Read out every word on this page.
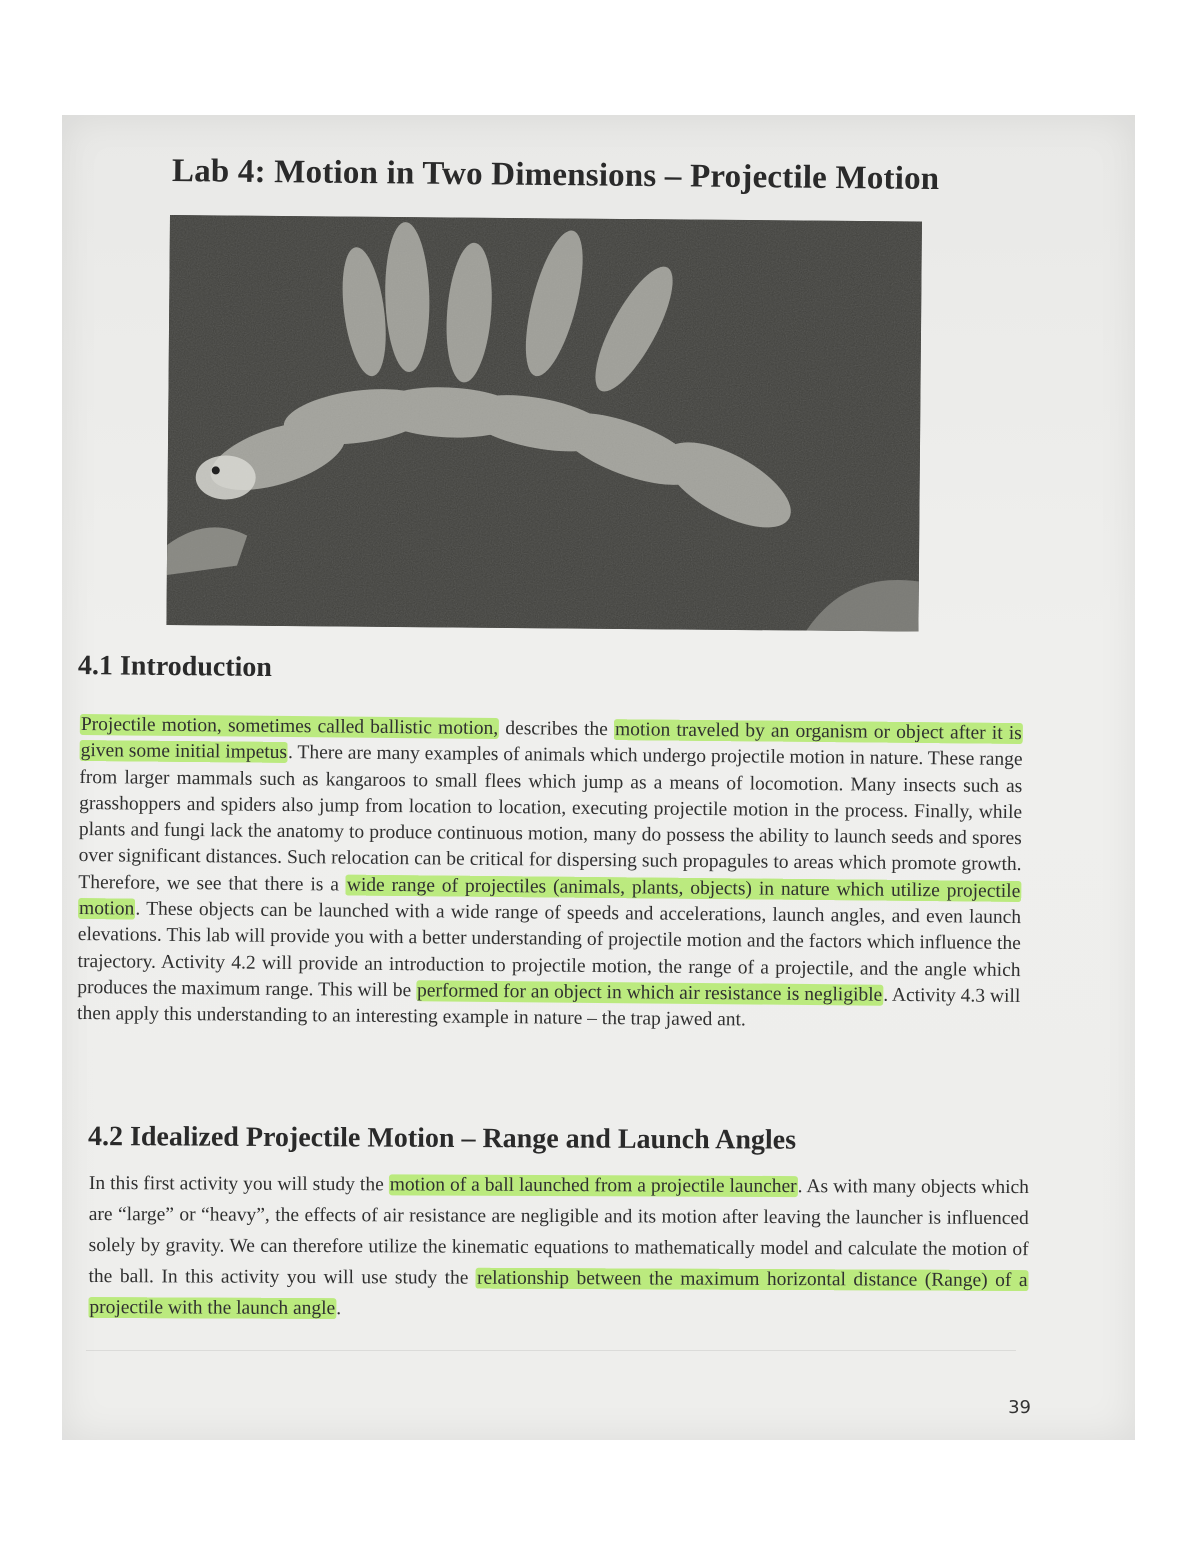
Lab 4: Motion in Two Dimensions – Projectile Motion
4.1 Introduction

Projectile motion, sometimes called ballistic motion, describes the motion traveled by an organism or object after it is given some initial impetus. There are many examples of animals which undergo projectile motion in nature. These range from larger mammals such as kangaroos to small flees which jump as a means of locomotion. Many insects such as grasshoppers and spiders also jump from location to location, executing projectile motion in the process. Finally, while plants and fungi lack the anatomy to produce continuous motion, many do possess the ability to launch seeds and spores over significant distances. Such relocation can be critical for dispersing such propagules to areas which promote growth. Therefore, we see that there is a wide range of projectiles (animals, plants, objects) in nature which utilize projectile motion. These objects can be launched with a wide range of speeds and accelerations, launch angles, and even launch elevations. This lab will provide you with a better understanding of projectile motion and the factors which influence the trajectory. Activity 4.2 will provide an introduction to projectile motion, the range of a projectile, and the angle which produces the maximum range. This will be performed for an object in which air resistance is negligible. Activity 4.3 will then apply this understanding to an interesting example in nature – the trap jawed ant.

4.2 Idealized Projectile Motion – Range and Launch Angles

In this first activity you will study the motion of a ball launched from a projectile launcher. As with many objects which are “large” or “heavy”, the effects of air resistance are negligible and its motion after leaving the launcher is influenced solely by gravity. We can therefore utilize the kinematic equations to mathematically model and calculate the motion of the ball. In this activity you will use study the relationship between the maximum horizontal distance (Range) of a projectile with the launch angle.

39
